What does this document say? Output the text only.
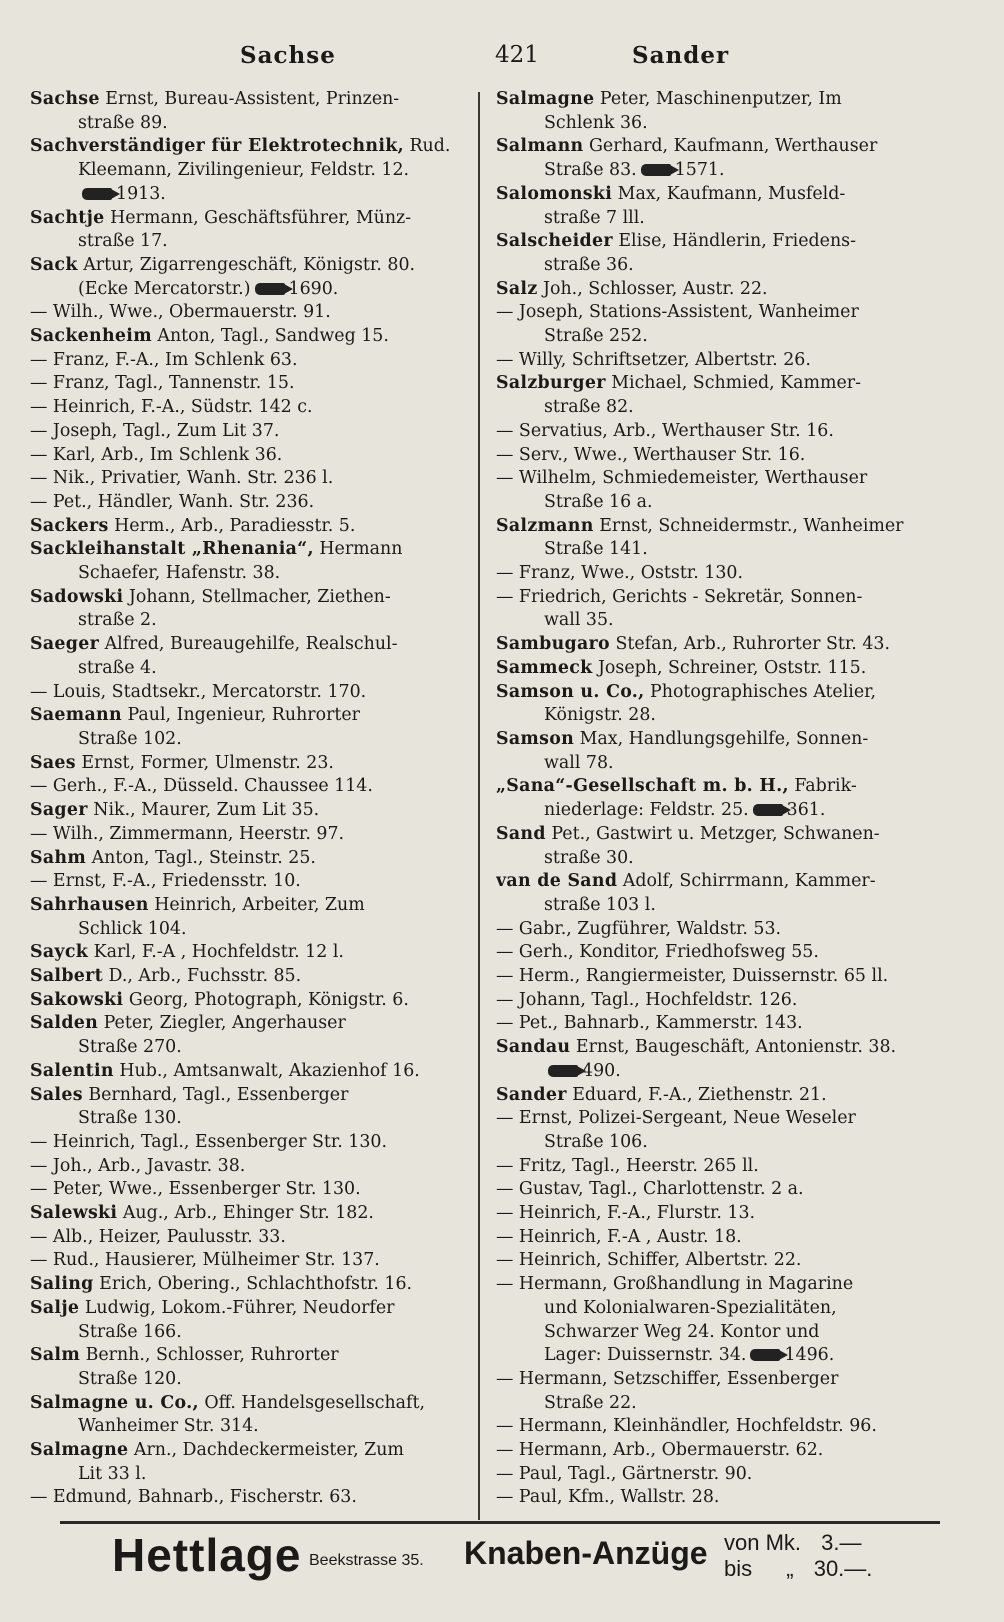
Sachse	421	Sander
Sachse Ernst, Bureau-Assistent, Prinzen-
straße 89.
Sachverständiger für Elektrotechnik, Rud.
Kleemann, Zivilingenieur, Feldstr. 12.
1913.
Sachtje Hermann, Geschäftsführer, Münz-
straße 17.
Sack Artur, Zigarrengeschäft, Königstr. 80.
(Ecke Mercatorstr.) 1690.
— Wilh., Wwe., Obermauerstr. 91.
Sackenheim Anton, Tagl., Sandweg 15.
— Franz, F.-A., Im Schlenk 63.
— Franz, Tagl., Tannenstr. 15.
— Heinrich, F.-A., Südstr. 142 c.
— Joseph, Tagl., Zum Lit 37.
— Karl, Arb., Im Schlenk 36.
— Nik., Privatier, Wanh. Str. 236 l.
— Pet., Händler, Wanh. Str. 236.
Sackers Herm., Arb., Paradiesstr. 5.
Sackleihanstalt „Rhenania“, Hermann
Schaefer, Hafenstr. 38.
Sadowski Johann, Stellmacher, Ziethen-
straße 2.
Saeger Alfred, Bureaugehilfe, Realschul-
straße 4.
— Louis, Stadtsekr., Mercatorstr. 170.
Saemann Paul, Ingenieur, Ruhrorter
Straße 102.
Saes Ernst, Former, Ulmenstr. 23.
— Gerh., F.-A., Düsseld. Chaussee 114.
Sager Nik., Maurer, Zum Lit 35.
— Wilh., Zimmermann, Heerstr. 97.
Sahm Anton, Tagl., Steinstr. 25.
— Ernst, F.-A., Friedensstr. 10.
Sahrhausen Heinrich, Arbeiter, Zum
Schlick 104.
Sayck Karl, F.-A , Hochfeldstr. 12 l.
Salbert D., Arb., Fuchsstr. 85.
Sakowski Georg, Photograph, Königstr. 6.
Salden Peter, Ziegler, Angerhauser
Straße 270.
Salentin Hub., Amtsanwalt, Akazienhof 16.
Sales Bernhard, Tagl., Essenberger
Straße 130.
— Heinrich, Tagl., Essenberger Str. 130.
— Joh., Arb., Javastr. 38.
— Peter, Wwe., Essenberger Str. 130.
Salewski Aug., Arb., Ehinger Str. 182.
— Alb., Heizer, Paulusstr. 33.
— Rud., Hausierer, Mülheimer Str. 137.
Saling Erich, Obering., Schlachthofstr. 16.
Salje Ludwig, Lokom.-Führer, Neudorfer
Straße 166.
Salm Bernh., Schlosser, Ruhrorter
Straße 120.
Salmagne u. Co., Off. Handelsgesellschaft,
Wanheimer Str. 314.
Salmagne Arn., Dachdeckermeister, Zum
Lit 33 l.
— Edmund, Bahnarb., Fischerstr. 63.
Salmagne Peter, Maschinenputzer, Im
Schlenk 36.
Salmann Gerhard, Kaufmann, Werthauser
Straße 83. 1571.
Salomonski Max, Kaufmann, Musfeld-
straße 7 lll.
Salscheider Elise, Händlerin, Friedens-
straße 36.
Salz Joh., Schlosser, Austr. 22.
— Joseph, Stations-Assistent, Wanheimer
Straße 252.
— Willy, Schriftsetzer, Albertstr. 26.
Salzburger Michael, Schmied, Kammer-
straße 82.
— Servatius, Arb., Werthauser Str. 16.
— Serv., Wwe., Werthauser Str. 16.
— Wilhelm, Schmiedemeister, Werthauser
Straße 16 a.
Salzmann Ernst, Schneidermstr., Wanheimer
Straße 141.
— Franz, Wwe., Oststr. 130.
— Friedrich, Gerichts - Sekretär, Sonnen-
wall 35.
Sambugaro Stefan, Arb., Ruhrorter Str. 43.
Sammeck Joseph, Schreiner, Oststr. 115.
Samson u. Co., Photographisches Atelier,
Königstr. 28.
Samson Max, Handlungsgehilfe, Sonnen-
wall 78.
„Sana“-Gesellschaft m. b. H., Fabrik-
niederlage: Feldstr. 25. 361.
Sand Pet., Gastwirt u. Metzger, Schwanen-
straße 30.
van de Sand Adolf, Schirrmann, Kammer-
straße 103 l.
— Gabr., Zugführer, Waldstr. 53.
— Gerh., Konditor, Friedhofsweg 55.
— Herm., Rangiermeister, Duissernstr. 65 ll.
— Johann, Tagl., Hochfeldstr. 126.
— Pet., Bahnarb., Kammerstr. 143.
Sandau Ernst, Baugeschäft, Antonienstr. 38.
490.
Sander Eduard, F.-A., Ziethenstr. 21.
— Ernst, Polizei-Sergeant, Neue Weseler
Straße 106.
— Fritz, Tagl., Heerstr. 265 ll.
— Gustav, Tagl., Charlottenstr. 2 a.
— Heinrich, F.-A., Flurstr. 13.
— Heinrich, F.-A , Austr. 18.
— Heinrich, Schiffer, Albertstr. 22.
— Hermann, Großhandlung in Magarine
und Kolonialwaren-Spezialitäten,
Schwarzer Weg 24. Kontor und
Lager: Duissernstr. 34. 1496.
— Hermann, Setzschiffer, Essenberger
Straße 22.
— Hermann, Kleinhändler, Hochfeldstr. 96.
— Hermann, Arb., Obermauerstr. 62.
— Paul, Tagl., Gärtnerstr. 90.
— Paul, Kfm., Wallstr. 28.
Hettlage Beekstrasse 35. Knaben-Anzüge von Mk. 3.—
bis „ 30.—.
